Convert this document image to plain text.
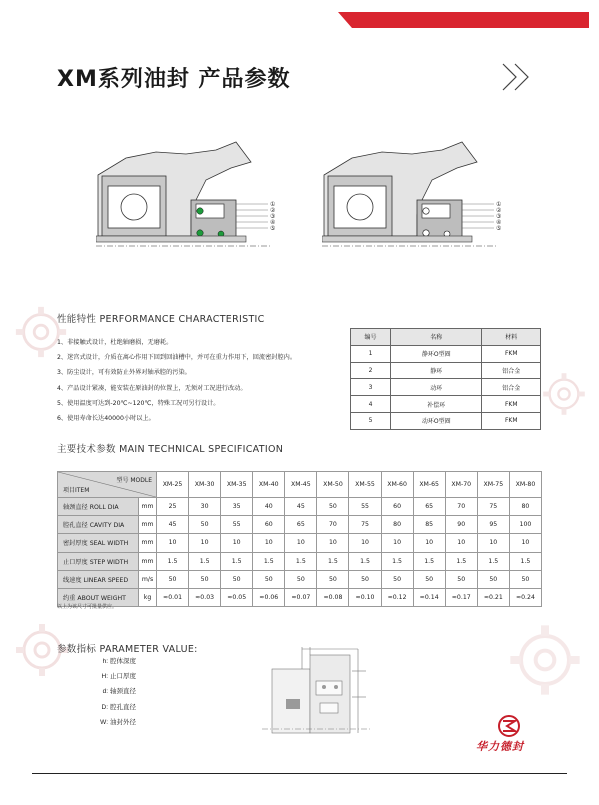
XM系列油封 产品参数
①
②
③
④
⑤
①
②
③
④
⑤
性能特性 PERFORMANCE CHARACTERISTIC
1、非接触式设计，杜绝轴磨损，无磨耗。
2、迷宫式设计，介质在离心作用下回到回油槽中，并可在重力作用下，回流密封腔内。
3、防尘设计，可有效防止外界对轴承腔的污染。
4、产品设计紧凑，能安装在原油封的位置上，无须对工况进行改动。
5、使用温度可达到-20℃~120℃，特殊工况可另行设计。
6、使用寿命长达40000小时以上。
编号	名称	材料
1	静环O型圈	FKM
2	静环	铝合金
3	动环	铝合金
4	补偿环	FKM
5	动环O型圈	FKM
主要技术参数 MAIN TECHNICAL SPECIFICATION
型号 MODLE
项目ITEM		XM-25	XM-30	XM-35	XM-40	XM-45	XM-50	XM-55	XM-60	XM-65	XM-70	XM-75	XM-80
轴颈直径 ROLL DIA	mm	25	30	35	40	45	50	55	60	65	70	75	80
腔孔直径 CAVITY DIA	mm	45	50	55	60	65	70	75	80	85	90	95	100
密封厚度 SEAL WIDTH	mm	10	10	10	10	10	10	10	10	10	10	10	10
止口厚度 STEP WIDTH	mm	1.5	1.5	1.5	1.5	1.5	1.5	1.5	1.5	1.5	1.5	1.5	1.5
线速度 LINEAR SPEED	m/s	50	50	50	50	50	50	50	50	50	50	50	50
约重 ABOUT WEIGHT	kg	≈0.01	≈0.03	≈0.05	≈0.06	≈0.07	≈0.08	≈0.10	≈0.12	≈0.14	≈0.17	≈0.21	≈0.24
以上为该尺寸可批量供应。
参数指标 PARAMETER VALUE:
h: 腔体深度
H: 止口厚度
d: 轴颈直径
D: 腔孔直径
W: 油封外径
华力德封
